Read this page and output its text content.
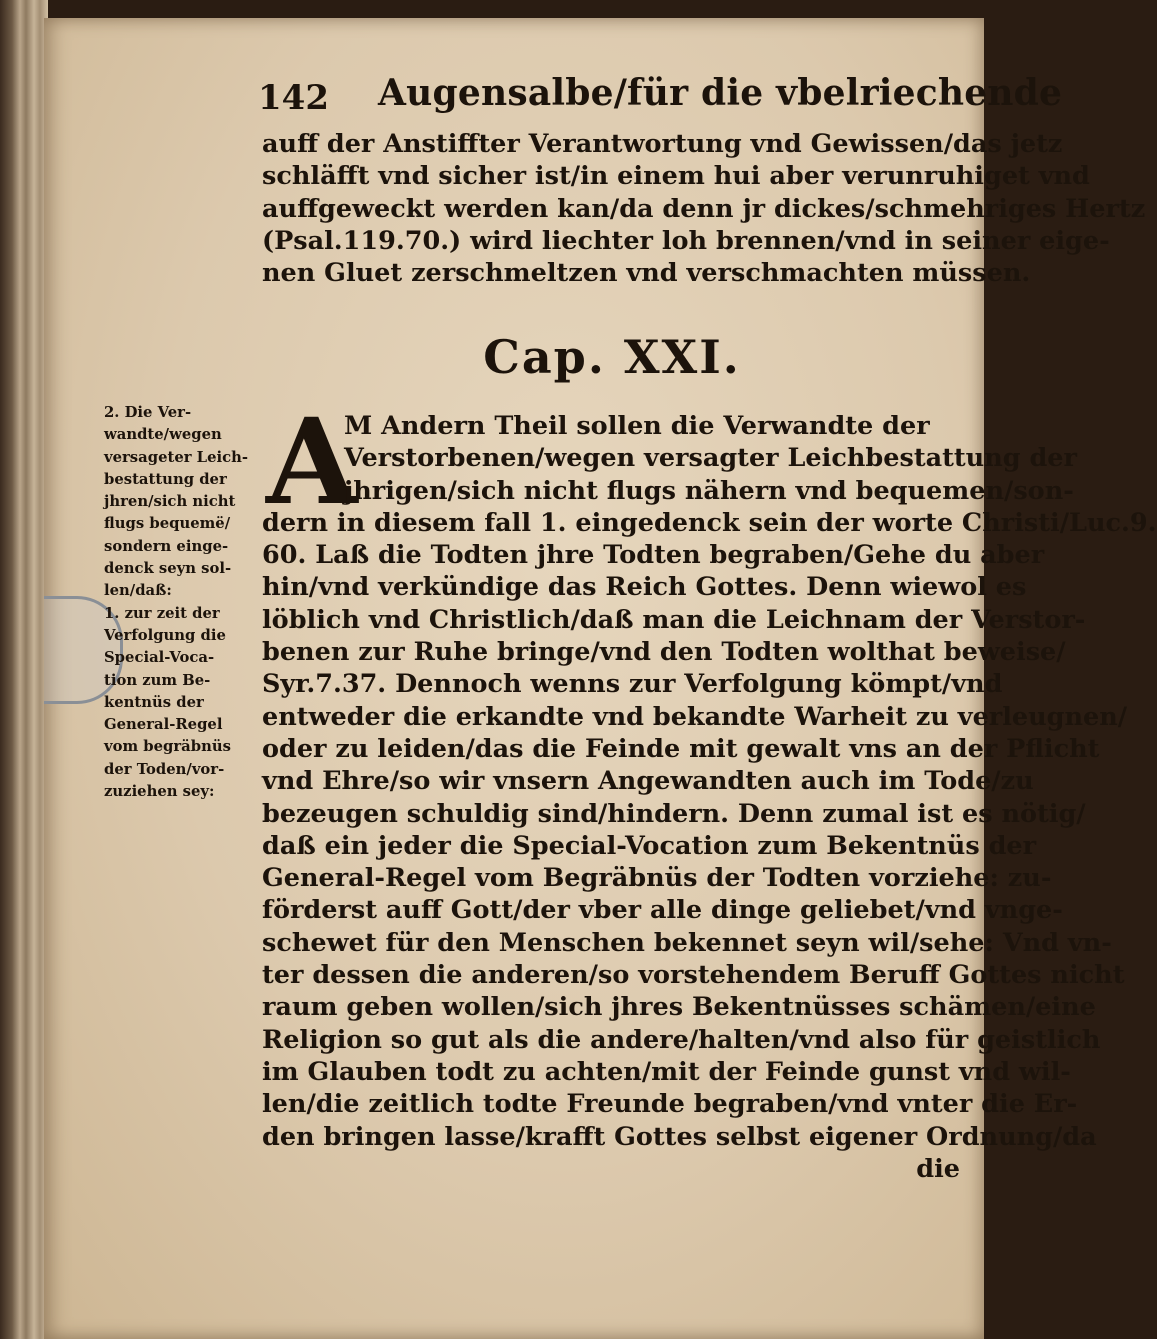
142 Augensalbe/für die vbelriechende
auff der Anstiffter Verantwortung vnd Gewissen/das jetz
schläfft vnd sicher ist/in einem hui aber verunruhiget vnd
auffgeweckt werden kan/da denn jr dickes/schmehriges Hertz
(Psal.119.70.) wird liechter loh brennen/vnd in seiner eige-
nen Gluet zerschmeltzen vnd verschmachten müssen.
Cap. XXI.
A
2. Die Ver-
wandte/wegen
versageter Leich-
bestattung der
jhren/sich nicht
flugs bequemë/
sondern einge-
denck seyn sol-
len/daß:
1. zur zeit der
Verfolgung die
Special-Voca-
tion zum Be-
kentnüs der
General-Regel
vom begräbnüs
der Toden/vor-
zuziehen sey:
M Andern Theil sollen die Verwandte der
Verstorbenen/wegen versagter Leichbestattung der
jhrigen/sich nicht flugs nähern vnd bequemen/son-
dern in diesem fall 1. eingedenck sein der worte Christi/Luc.9.
60. Laß die Todten jhre Todten begraben/Gehe du aber
hin/vnd verkündige das Reich Gottes. Denn wiewol es
löblich vnd Christlich/daß man die Leichnam der Verstor-
benen zur Ruhe bringe/vnd den Todten wolthat beweise/
Syr.7.37. Dennoch wenns zur Verfolgung kömpt/vnd
entweder die erkandte vnd bekandte Warheit zu verleugnen/
oder zu leiden/das die Feinde mit gewalt vns an der Pflicht
vnd Ehre/so wir vnsern Angewandten auch im Tode/zu
bezeugen schuldig sind/hindern. Denn zumal ist es nötig/
daß ein jeder die Special-Vocation zum Bekentnüs der
General-Regel vom Begräbnüs der Todten vorziehe: zu-
förderst auff Gott/der vber alle dinge geliebet/vnd vnge-
schewet für den Menschen bekennet seyn wil/sehe: Vnd vn-
ter dessen die anderen/so vorstehendem Beruff Gottes nicht
raum geben wollen/sich jhres Bekentnüsses schämen/eine
Religion so gut als die andere/halten/vnd also für geistlich
im Glauben todt zu achten/mit der Feinde gunst vnd wil-
len/die zeitlich todte Freunde begraben/vnd vnter die Er-
den bringen lasse/krafft Gottes selbst eigener Ordnung/da
die
